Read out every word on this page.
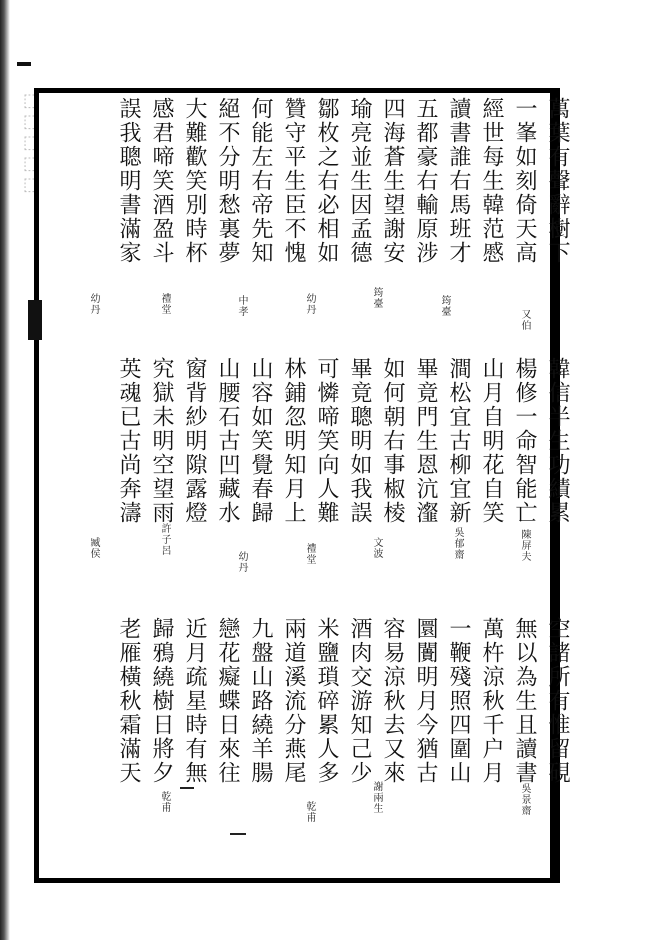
⬚⬚⬚⬚⬚	萬葉有聲辭樹下
一峯如刻倚天高
經世每生韓范慼
讀書誰右馬班才
五都豪右輸原涉
四海蒼生望謝安
瑜亮並生因孟德
鄒枚之右必相如
贊守平生臣不愧
何能左右帝先知
絕不分明愁裏夢
大難歡笑別時杯
感君啼笑酒盈斗
誤我聰明書滿家
韓信半生功績累
楊修一命智能亡
山月自明花自笑
澗松宜古柳宜新
畢竟門生恩沆瀣
如何朝右事椒棱
畢竟聰明如我誤
可憐啼笑向人難
林鋪忽明知月上
山容如笑覺春歸
山腰石古凹藏水
窗背紗明隙露燈
究獄未明空望雨
英魂已古尚奔濤
空諸所有惟留硯
無以為生且讀書
萬杵涼秋千户月
一鞭殘照四圍山
圜闠明月今猶古
容易涼秋去又來
酒肉交游知己少
米鹽瑣碎累人多
兩道溪流分燕尾
九盤山路繞羊腸
戀花癡蝶日來往
近月疏星時有無
歸鴉繞樹日將夕
老雁橫秋霜滿天
又伯
筠臺
筠臺
幼丹
中孝
禮堂
幼丹
陳屏夫
吳郁齋
文波
禮堂
幼丹
許子呂
臧侯
吳景齋
謝兩生
乾甫
乾甫
